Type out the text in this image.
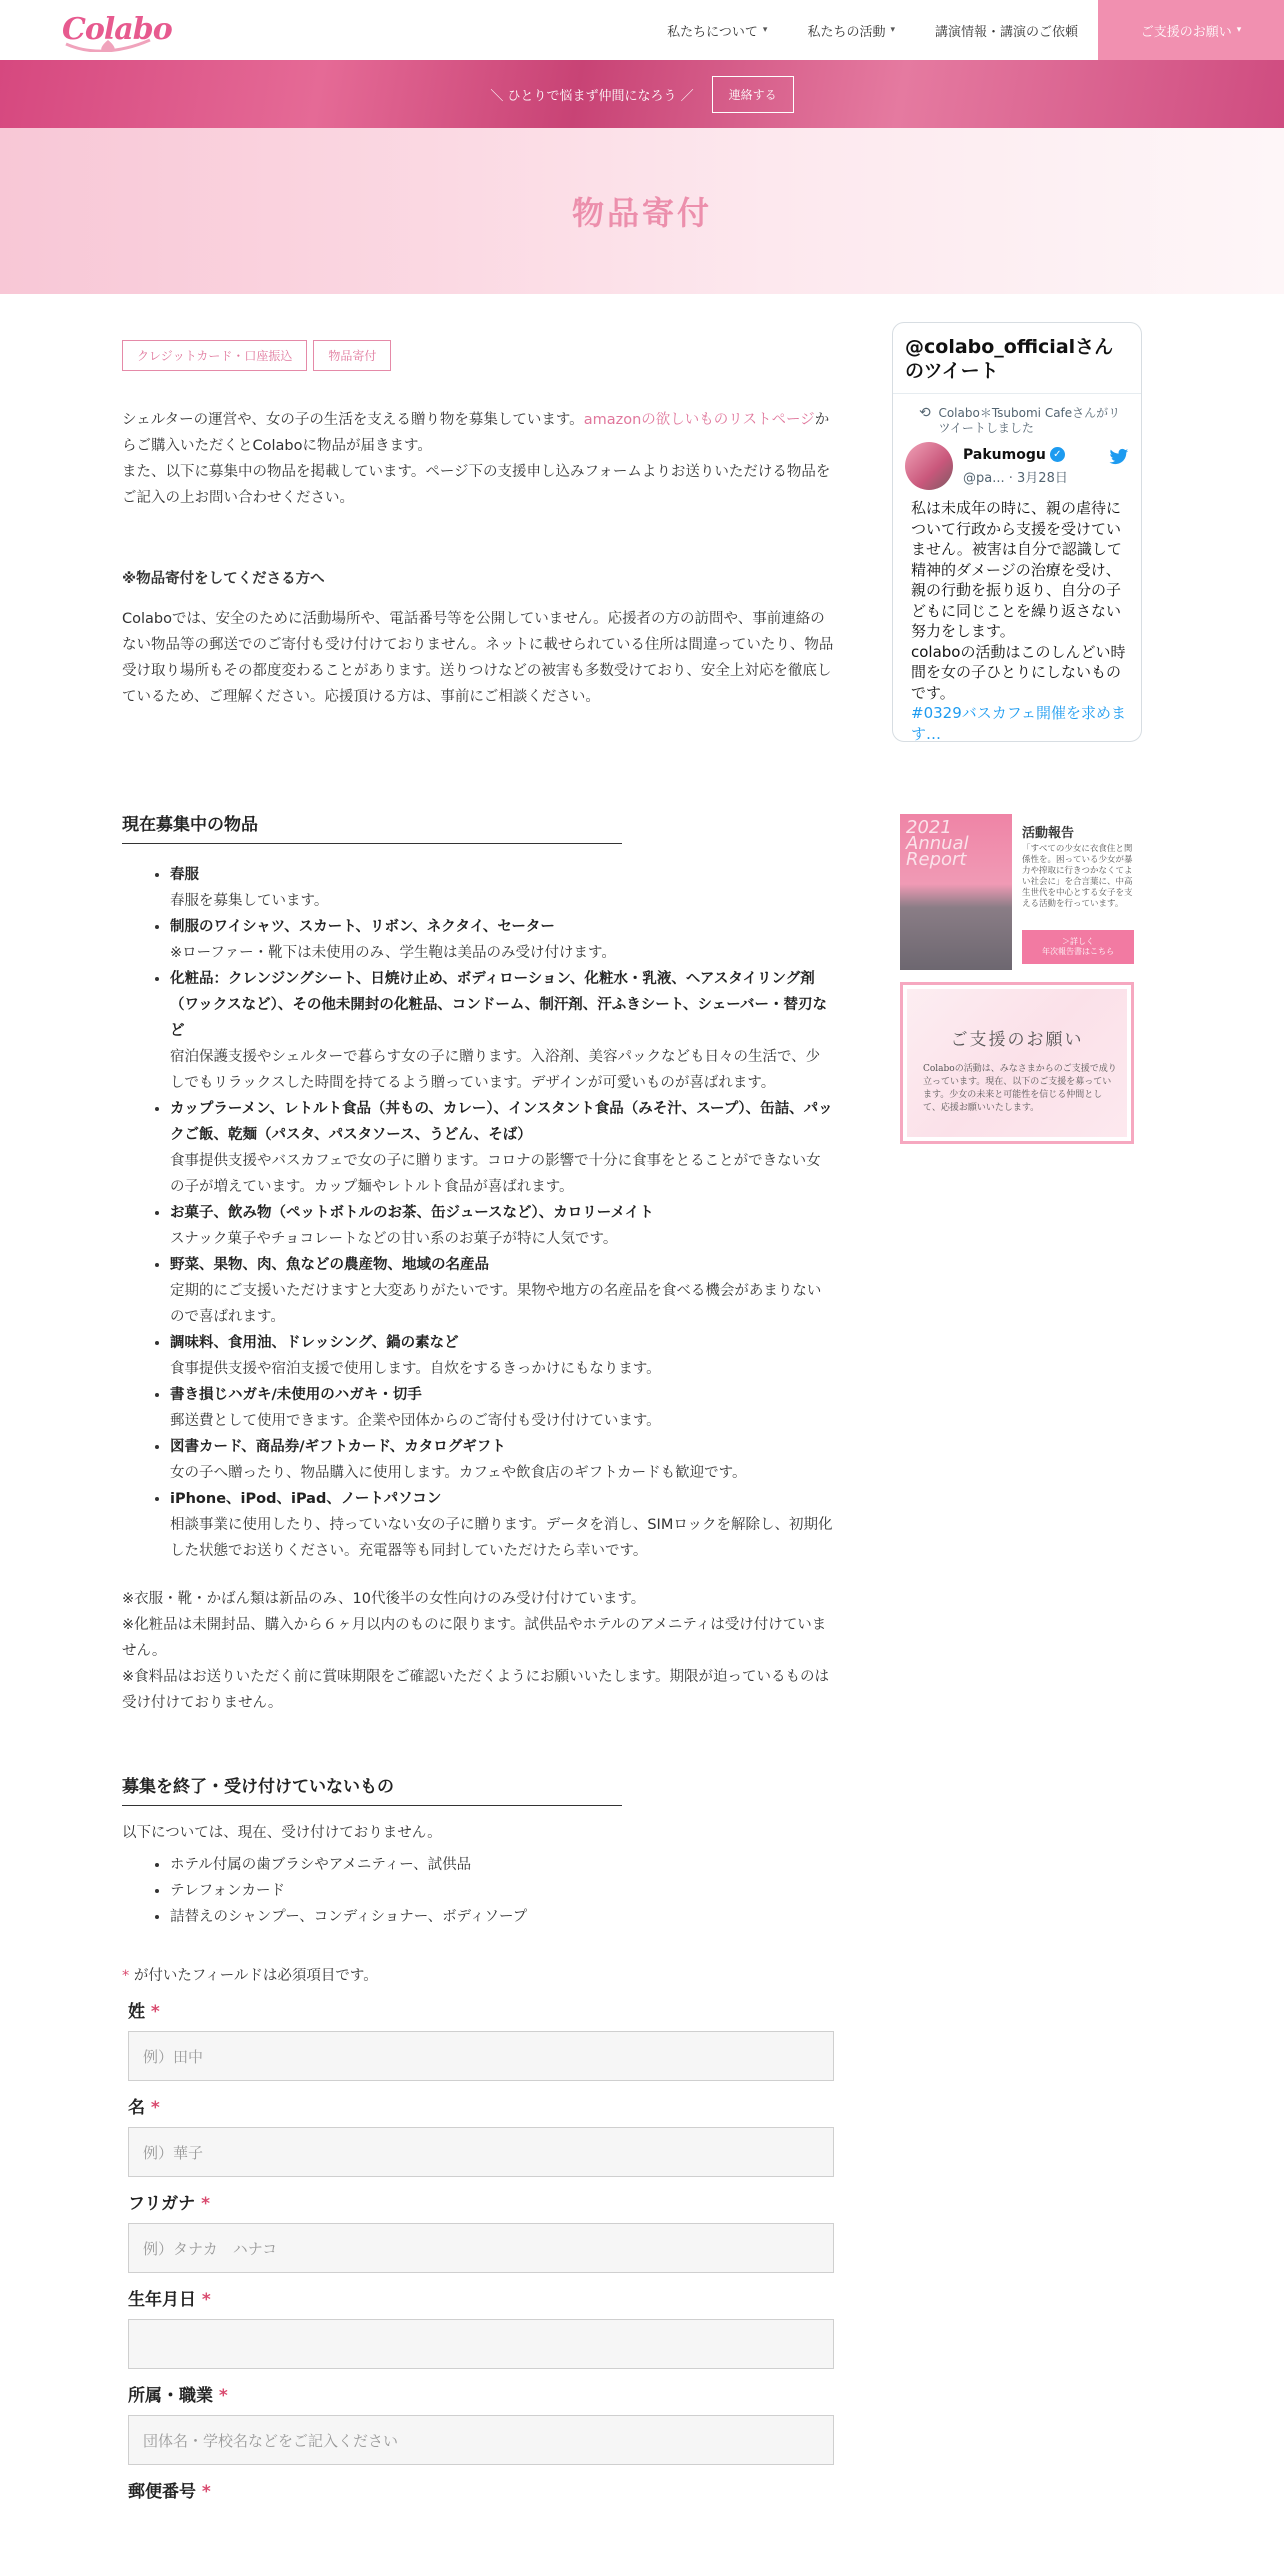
Colabo	私たちについて ▾	私たちの活動 ▾	講演情報・講演のご依頼	ご支援のお願い ▾
＼ ひとりで悩まず仲間になろう ／	連絡する
物品寄付
クレジットカード・口座振込	物品寄付
シェルターの運営や、女の子の生活を支える贈り物を募集しています。amazonの欲しいものリストページからご購入いただくとColaboに物品が届きます。
また、以下に募集中の物品を掲載しています。ページ下の支援申し込みフォームよりお送りいただける物品をご記入の上お問い合わせください。
※物品寄付をしてくださる方へ
Colaboでは、安全のために活動場所や、電話番号等を公開していません。応援者の方の訪問や、事前連絡のない物品等の郵送でのご寄付も受け付けておりません。ネットに載せられている住所は間違っていたり、物品受け取り場所もその都度変わることがあります。送りつけなどの被害も多数受けており、安全上対応を徹底しているため、ご理解ください。応援頂ける方は、事前にご相談ください。
現在募集中の物品
• 春服
春服を募集しています。
• 制服のワイシャツ、スカート、リボン、ネクタイ、セーター
※ローファー・靴下は未使用のみ、学生鞄は美品のみ受け付けます。
• 化粧品：クレンジングシート、日焼け止め、ボディローション、化粧水・乳液、ヘアスタイリング剤（ワックスなど）、その他未開封の化粧品、コンドーム、制汗剤、汗ふきシート、シェーバー・替刃など
宿泊保護支援やシェルターで暮らす女の子に贈ります。入浴剤、美容パックなども日々の生活で、少しでもリラックスした時間を持てるよう贈っています。デザインが可愛いものが喜ばれます。
• カップラーメン、レトルト食品（丼もの、カレー）、インスタント食品（みそ汁、スープ）、缶詰、パックご飯、乾麺（パスタ、パスタソース、うどん、そば）
食事提供支援やバスカフェで女の子に贈ります。コロナの影響で十分に食事をとることができない女の子が増えています。カップ麺やレトルト食品が喜ばれます。
• お菓子、飲み物（ペットボトルのお茶、缶ジュースなど）、カロリーメイト
スナック菓子やチョコレートなどの甘い系のお菓子が特に人気です。
• 野菜、果物、肉、魚などの農産物、地域の名産品
定期的にご支援いただけますと大変ありがたいです。果物や地方の名産品を食べる機会があまりないので喜ばれます。
• 調味料、食用油、ドレッシング、鍋の素など
食事提供支援や宿泊支援で使用します。自炊をするきっかけにもなります。
• 書き損じハガキ/未使用のハガキ・切手
郵送費として使用できます。企業や団体からのご寄付も受け付けています。
• 図書カード、商品券/ギフトカード、カタログギフト
女の子へ贈ったり、物品購入に使用します。カフェや飲食店のギフトカードも歓迎です。
• iPhone、iPod、iPad、ノートパソコン
相談事業に使用したり、持っていない女の子に贈ります。データを消し、SIMロックを解除し、初期化した状態でお送りください。充電器等も同封していただけたら幸いです。
※衣服・靴・かばん類は新品のみ、10代後半の女性向けのみ受け付けています。
※化粧品は未開封品、購入から６ヶ月以内のものに限ります。試供品やホテルのアメニティは受け付けていません。
※食料品はお送りいただく前に賞味期限をご確認いただくようにお願いいたします。期限が迫っているものは受け付けておりません。
募集を終了・受け付けていないもの
以下については、現在、受け付けておりません。
• ホテル付属の歯ブラシやアメニティー、試供品
• テレフォンカード
• 詰替えのシャンプー、コンディショナー、ボディソープ
* が付いたフィールドは必須項目です。
姓 *
例）田中
名 *
例）華子
フリガナ *
例）タナカ　ハナコ
生年月日 *
所属・職業 *
団体名・学校名などをご記入ください
郵便番号 *
@colabo_officialさんのツイート
⟲ Colabo＊Tsubomi Cafeさんがリツイートしました
Pakumogu ✓
@pa... · 3月28日
私は未成年の時に、親の虐待について行政から支援を受けていません。被害は自分で認識して精神的ダメージの治療を受け、親の行動を振り返り、自分の子どもに同じことを繰り返さない努力をします。
colaboの活動はこのしんどい時間を女の子ひとりにしないものです。
#0329バスカフェ開催を求めます…
2021 Annual Report
活動報告
「すべての少女に衣食住と関係性を。困っている少女が暴力や搾取に行きつかなくてよい社会に」を合言葉に、中高生世代を中心とする女子を支える活動を行っています。
＞詳しく
年次報告書はこちら
ご支援のお願い
Colaboの活動は、みなさまからのご支援で成り立っています。現在、以下のご支援を募っています。少女の未来と可能性を信じる仲間として、応援お願いいたします。
